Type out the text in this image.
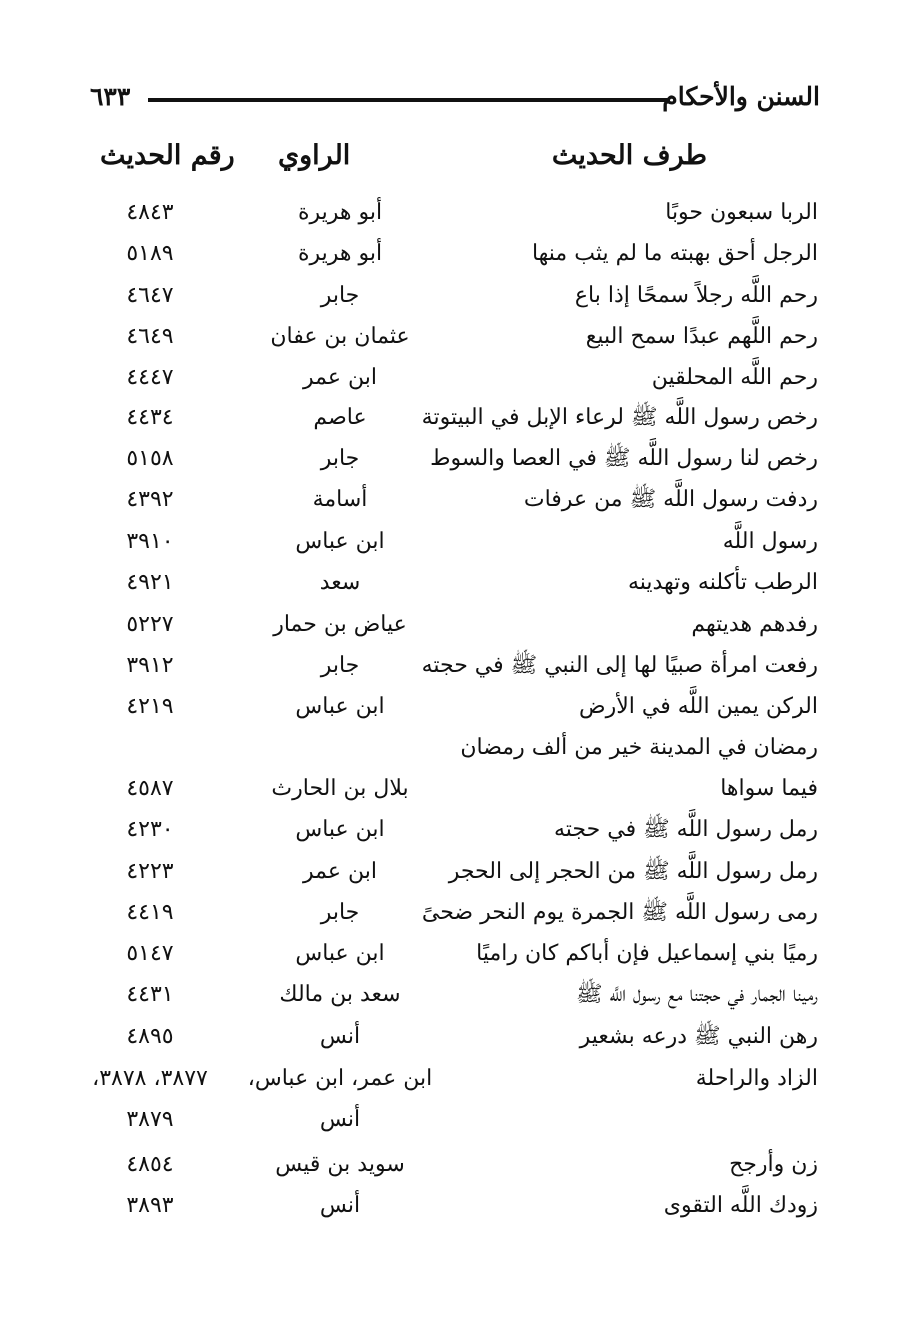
السنن والأحكام
٦٣٣
طرف الحديث
الراوي
رقم الحديث
الربا سبعون حوبًا
أبو هريرة
٤٨٤٣
الرجل أحق بهبته ما لم يثب منها
أبو هريرة
٥١٨٩
رحم اللَّه رجلاً سمحًا إذا باع
جابر
٤٦٤٧
رحم اللَّهم عبدًا سمح البيع
عثمان بن عفان
٤٦٤٩
رحم اللَّه المحلقين
ابن عمر
٤٤٤٧
رخص رسول اللَّه ﷺ لرعاء الإبل في البيتوتة
عاصم
٤٤٣٤
رخص لنا رسول اللَّه ﷺ في العصا والسوط
جابر
٥١٥٨
ردفت رسول اللَّه ﷺ من عرفات
أسامة
٤٣٩٢
رسول اللَّه
ابن عباس
٣٩١٠
الرطب تأكلنه وتهدينه
سعد
٤٩٢١
رفدهم هديتهم
عياض بن حمار
٥٢٢٧
رفعت امرأة صبيًا لها إلى النبي ﷺ في حجته
جابر
٣٩١٢
الركن يمين اللَّه في الأرض
ابن عباس
٤٢١٩
رمضان في المدينة خير من ألف رمضان
فيما سواها
بلال بن الحارث
٤٥٨٧
رمل رسول اللَّه ﷺ في حجته
ابن عباس
٤٢٣٠
رمل رسول اللَّه ﷺ من الحجر إلى الحجر
ابن عمر
٤٢٢٣
رمى رسول اللَّه ﷺ الجمرة يوم النحر ضحىً
جابر
٤٤١٩
رميًا بني إسماعيل فإن أباكم كان راميًا
ابن عباس
٥١٤٧
رمينا الجمار في حجتنا مع رسول اللَّه ﷺ
سعد بن مالك
٤٤٣١
رهن النبي ﷺ درعه بشعير
أنس
٤٨٩٥
الزاد والراحلة
ابن عمر، ابن عباس،
٣٨٧٧، ٣٨٧٨،
أنس
٣٨٧٩
زن وأرجح
سويد بن قيس
٤٨٥٤
زودك اللَّه التقوى
أنس
٣٨٩٣
